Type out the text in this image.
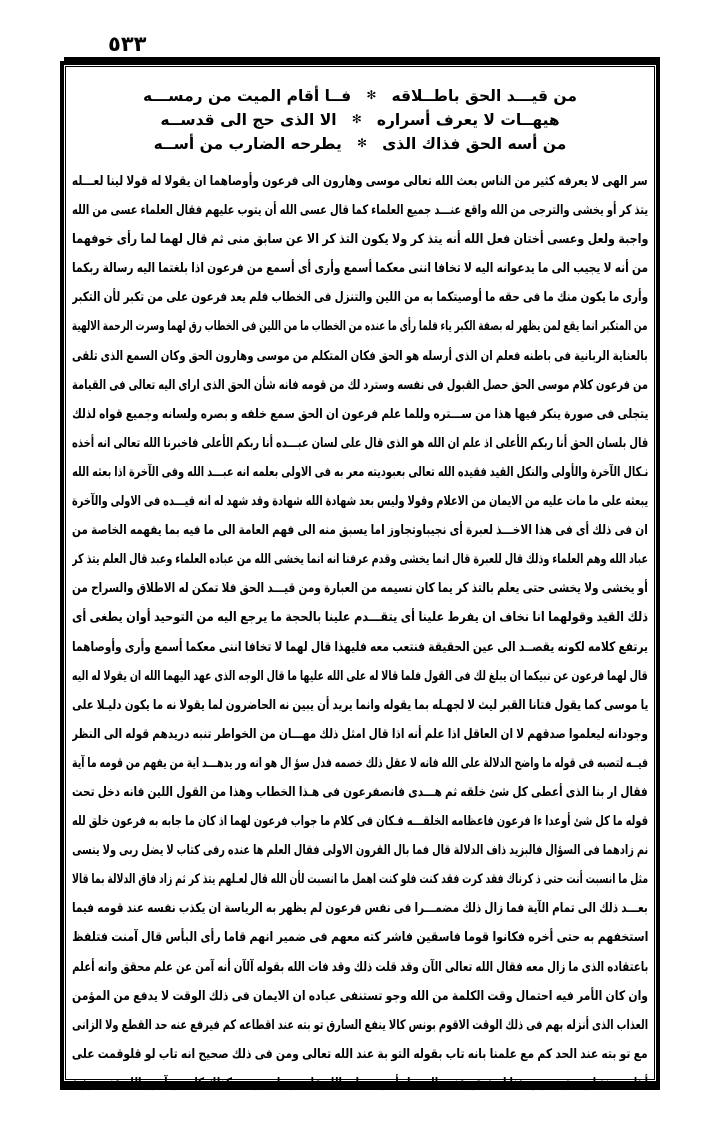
٥٣٣
من قيـــد الحق باطــلاقه ✻ فــا أقام الميت من رمســـه
هيهــات لا يعرف أسراره ✻ الا الذى حج الى قدســه
من أسه الحق فذاك الذى ✻ يطرحه الضارب من أســه
سر الهى لا يعرفه كثير من الناس بعث الله تعالى موسى وهارون الى فرعون وأوصاهما ان يقولا له قولا لينا لعـــله
يتذ كر أو يخشى والترجى من الله واقع عنـــد جميع العلماء كما قال عسى الله أن يتوب عليهم فقال العلماء عسى من الله
واجبة ولعل وعسى أختان فعل الله أنه يتذ كر ولا يكون التذ كر الا عن سابق منى ثم قال لهما لما رأى خوفهما
من أنه لا يجيب الى ما يدعوانه اليه لا تخافا اننى معكما أسمع وأرى أى أسمع من فرعون اذا بلغتما اليه رسالة ربكما
وأرى ما يكون منك ما فى حقه ما أوصيتكما به من اللين والتنزل فى الخطاب فلم يعد فرعون على من تكبر لأن التكبر
من المتكبر انما يقع لمن يظهر له بصفة الكبر ياء فلما رأى ما عنده من الخطاب ما من اللين فى الخطاب رق لهما وسرت الرحمة الالهية
بالعناية الربانية فى باطنه فعلم ان الذى أرسله هو الحق فكان المتكلم من موسى وهارون الحق وكان السمع الذى تلقى
من فرعون كلام موسى الحق حصل القبول فى نفسه وسترد لك من قومه فانه شأن الحق الذى اراى اليه تعالى فى القيامة
يتجلى فى صورة ينكر فيها هذا من ســـتره وللما علم فرعون ان الحق سمع خلفه و بصره ولسانه وجميع قواه لذلك
قال بلسان الحق أنا ربكم الأعلى اذ علم ان الله هو الذى قال على لسان عبـــده أنا ربكم الأعلى فاخبرنا الله تعالى انه أخذه
نـكال الآخرة والأولى والنكل القيد فقيده الله تعالى بعبوديته معر به فى الاولى بعلمه انه عبـــد الله وفى الآخرة اذا بعثه الله
يبعثه على ما مات عليه من الايمان من الاعلام وقولا وليس بعد شهادة الله شهادة وقد شهد له انه قيـــده فى الاولى والآخرة
ان فى ذلك أى فى هذا الاخـــذ لعبرة أى نجيباوتجاوز اما يسبق منه الى فهم العامة الى ما فيه بما يفهمه الخاصة من
عباد الله وهم العلماء وذلك قال للعبرة قال انما يخشى وقدم عرفنا انه انما يخشى الله من عباده العلماء وعبد قال العلم يتذ كر
أو يخشى ولا يخشى حتى يعلم بالتذ كر يما كان نسيمه من العبارة ومن قيـــد الحق فلا تمكن له الاطلاق والسراح من
ذلك القيد وقولهما انا نخاف ان يفرط علينا أى يتقـــدم علينا بالحجة ما يرجع اليه من التوحيد أوان يطغى أى
يرتفع كلامه لكونه يقصــد الى عين الحقيقة فنتعب معه فليهذا قال لهما لا تخافا اننى معكما أسمع وأرى وأوصاهما
قال لهما فرعون عن نبيكما ان يبلغ لك فى القول فلما قالا له على الله عليها ما قال الوجه الذى عهد اليهما الله ان يقولا له اليه
يا موسى كما يقول فتانا القبر ليث لا لجهـله بما يقوله وانما يريد أن يبين نه الحاضرون لما يقولا نه ما يكون دليـلا على
وجودانه ليعلموا صدقهم لا ان العاقل اذا علم أنه اذا قال امثل ذلك مهـــان من الخواطر تنبه دريدهم قوله الى النظر
فيــه لتصبه فى قوله ما واضح الدلالة على الله فانه لا عقل ذلك خصمه فدل سؤ ال هو انه ور يدهـــد اية من يفهم من قومه ما آية
فقال ار بنا الذى أعطى كل شئ خلقه ثم هـــدى فانصفرعون فى هـذا الخطاب وهذا من القول اللين فانه دخل تحت
قوله ما كل شئ أوعدا ءا فرعون فاعظامه الخلقـــه فـكان فى كلام ما جواب فرعون لهما اذ كان ما جابه به فرعون خلق لله
نم زادهما فى السؤال فالبزيد ذاف الدلالة قال فما بال القرون الاولى فقال العلم ها عنده رفى كتاب لا يضل ربى ولا ينسى
مثل ما انسبت أنت حتى ذ كرناك فقد كرت فقد كنت فلو كنت اهمل ما انسبت لأن الله قال لعـلهم يتذ كر ثم زاد فاق الدلالة بما قالا
بعـــد ذلك الى تمام الآية فما زال ذلك مضمـــرا فى نفس فرعون لم يظهر به الرياسة ان يكذب نفسه عند قومه فيما
استخفهم به حتى أخره فكانوا قوما فاسقين فاشر كته معهم فى ضمير انهم قاما رأى البأس قال آمنت فتلفظ
باعتقاده الذى ما زال معه فقال الله تعالى الآن وقد قلت ذلك وقد فات الله بقوله آلآن أنه آمن عن علم محقق وانه أعلم
وان كان الأمر فيه احتمال وقت الكلمة من الله وجو تستنفى عباده ان الايمان فى ذلك الوقت لا يدفع من المؤمن
العذاب الذى أنزله بهم فى ذلك الوقت الاقوم بونس كالا ينفع السارق تو بته عند اقطاعه كم فيرفع عنه حد القطع ولا الزانى
مع تو بته عند الحد كم مع علمنا بانه تاب بقوله التو بة عند الله تعالى ومن فى ذلك صحيح انه تاب لو قلوقمت على
أهل مدينة لوسعتهم ومع هذا لم تدفع عنــه الحد بل أمر صـــلى الله عليه وسلم برجمه كذلك كل من آمن بالله عند مرؤية
